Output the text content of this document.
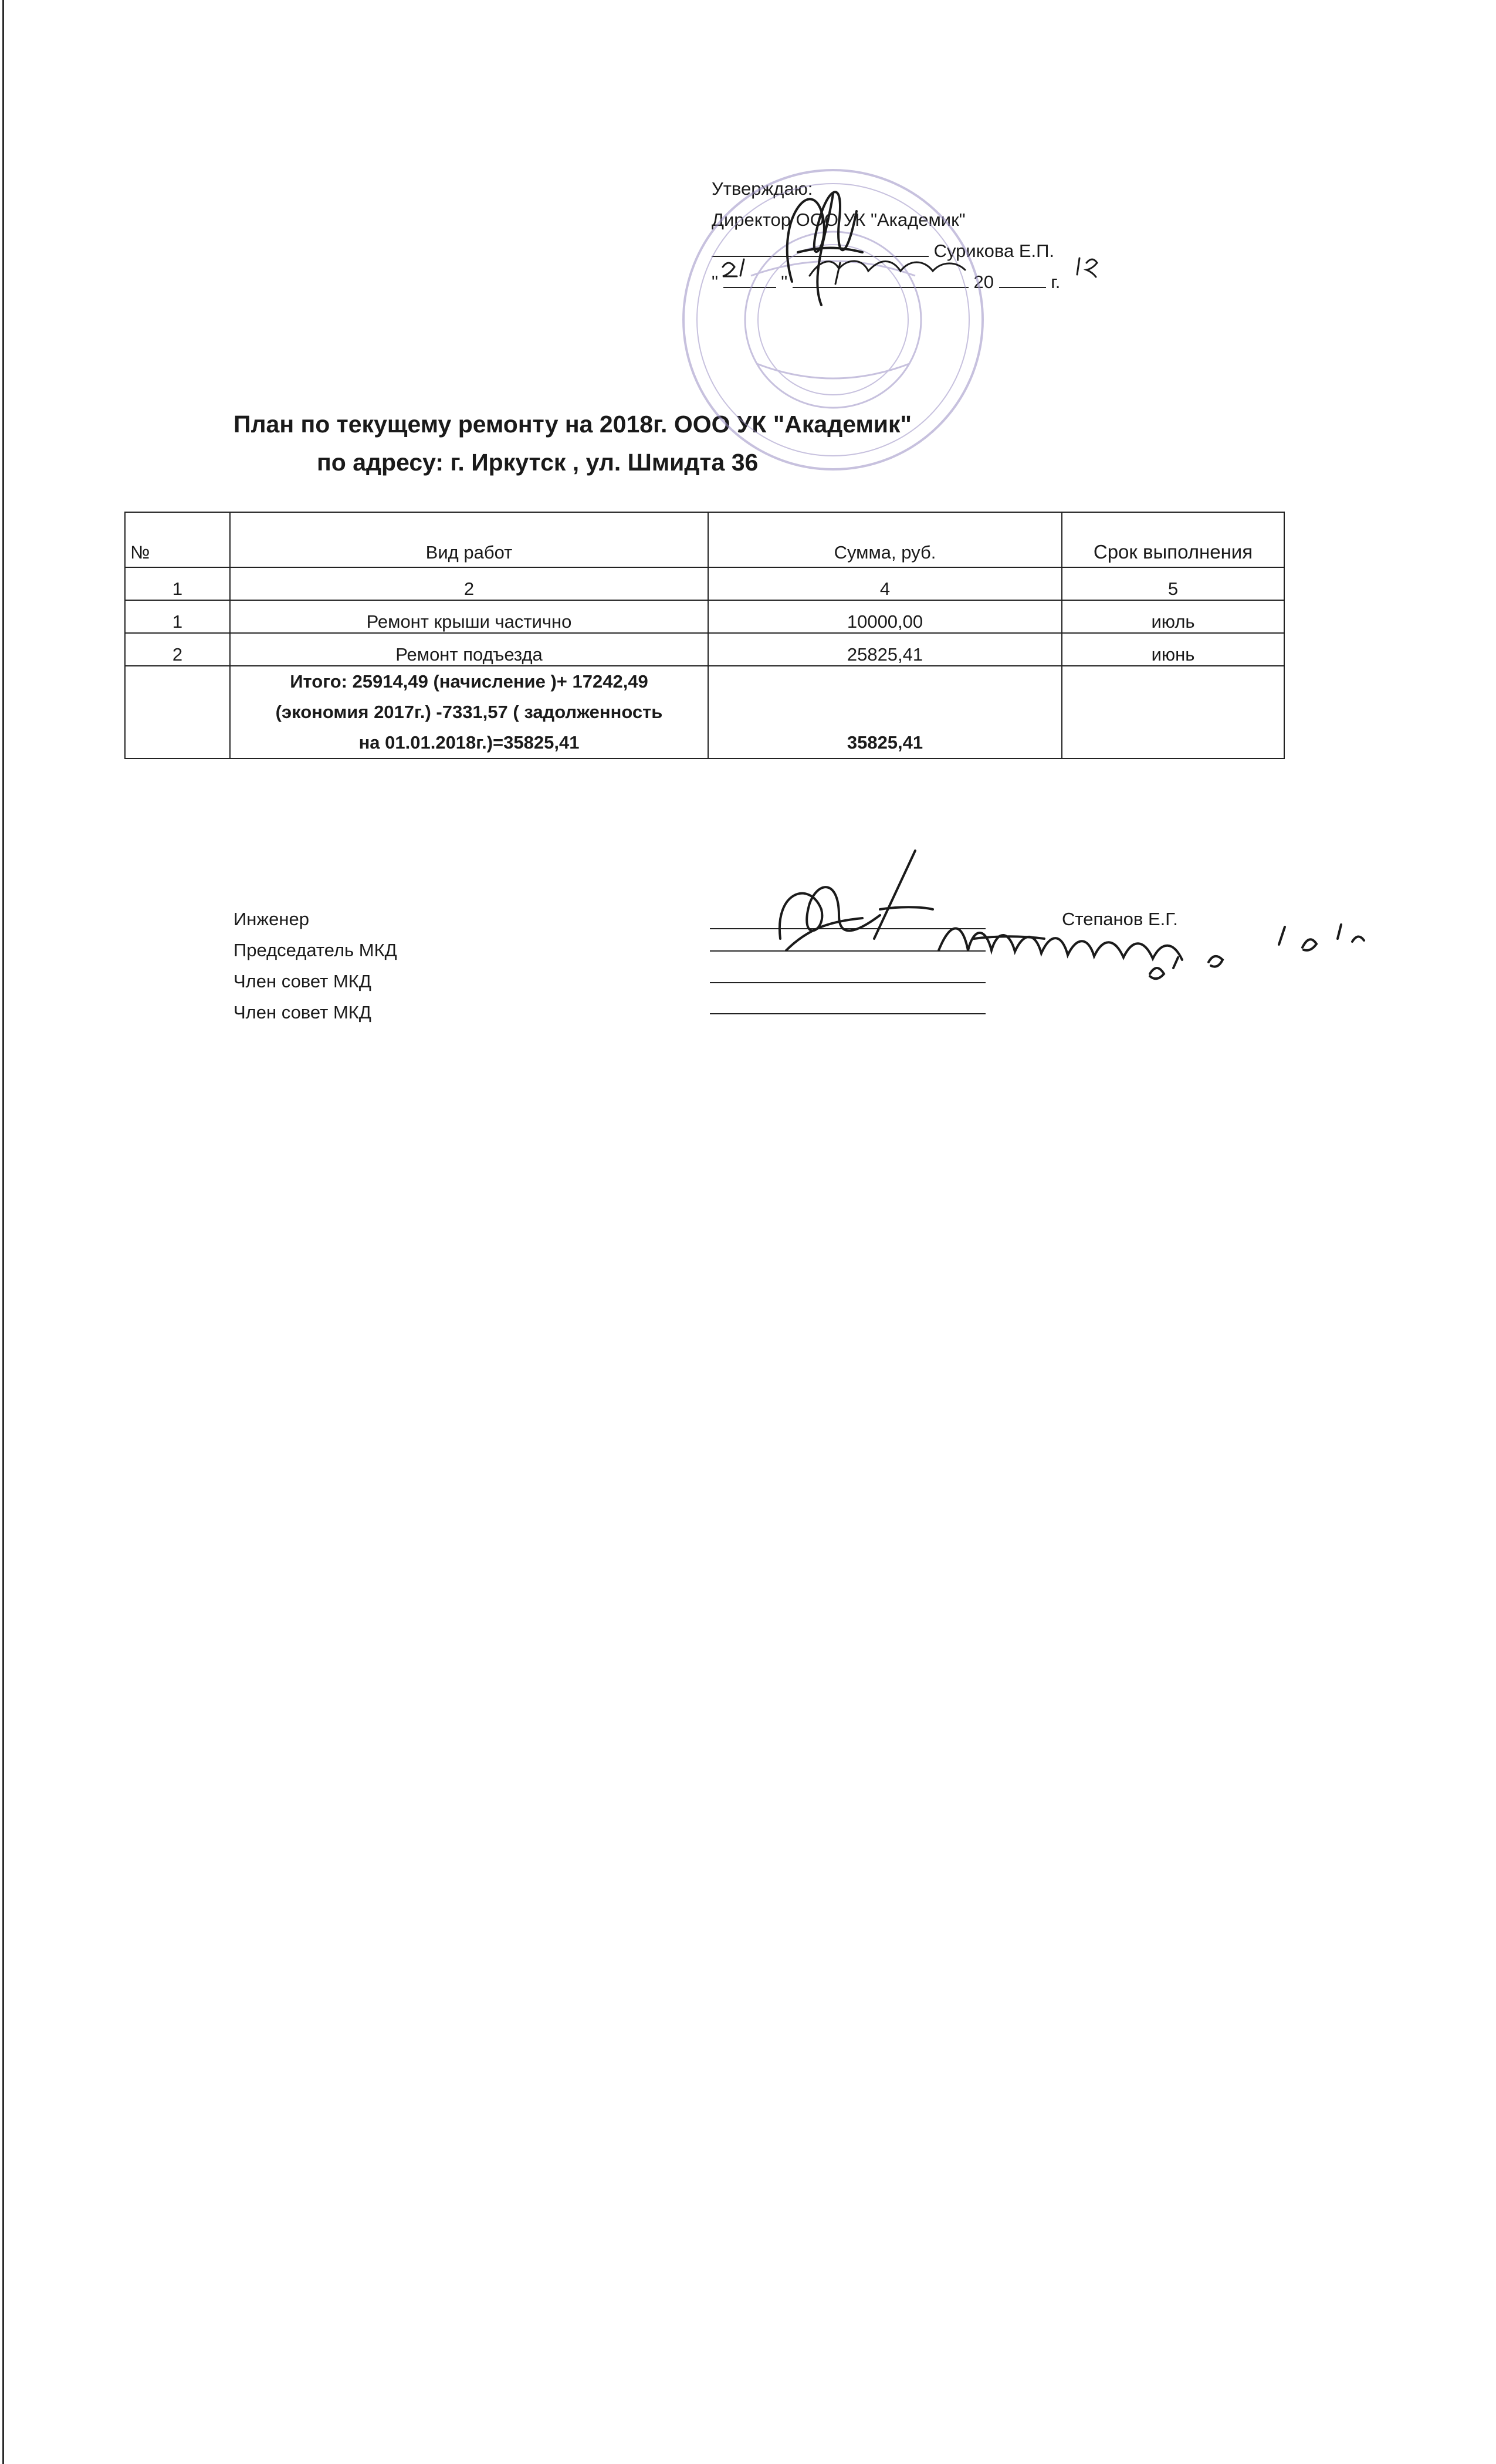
Утверждаю:
Директор ООО УК "Академик"
Сурикова Е.П.
"	"	20	г.
План по текущему ремонту на 2018г. ООО УК "Академик"
по адресу: г. Иркутск , ул. Шмидта 36
№	Вид работ	Сумма, руб.	Срок выполнения
1	2	4	5
1	Ремонт крыши частично	10000,00	июль
2	Ремонт подъезда	25825,41	июнь

	Итого: 25914,49 (начисление )+ 17242,49
(экономия 2017г.) -7331,57 ( задолженность
на 01.01.2018г.)=35825,41	35825,41	
Инженер
Председатель МКД
Член совет МКД
Член совет МКД
Степанов Е.Г.
